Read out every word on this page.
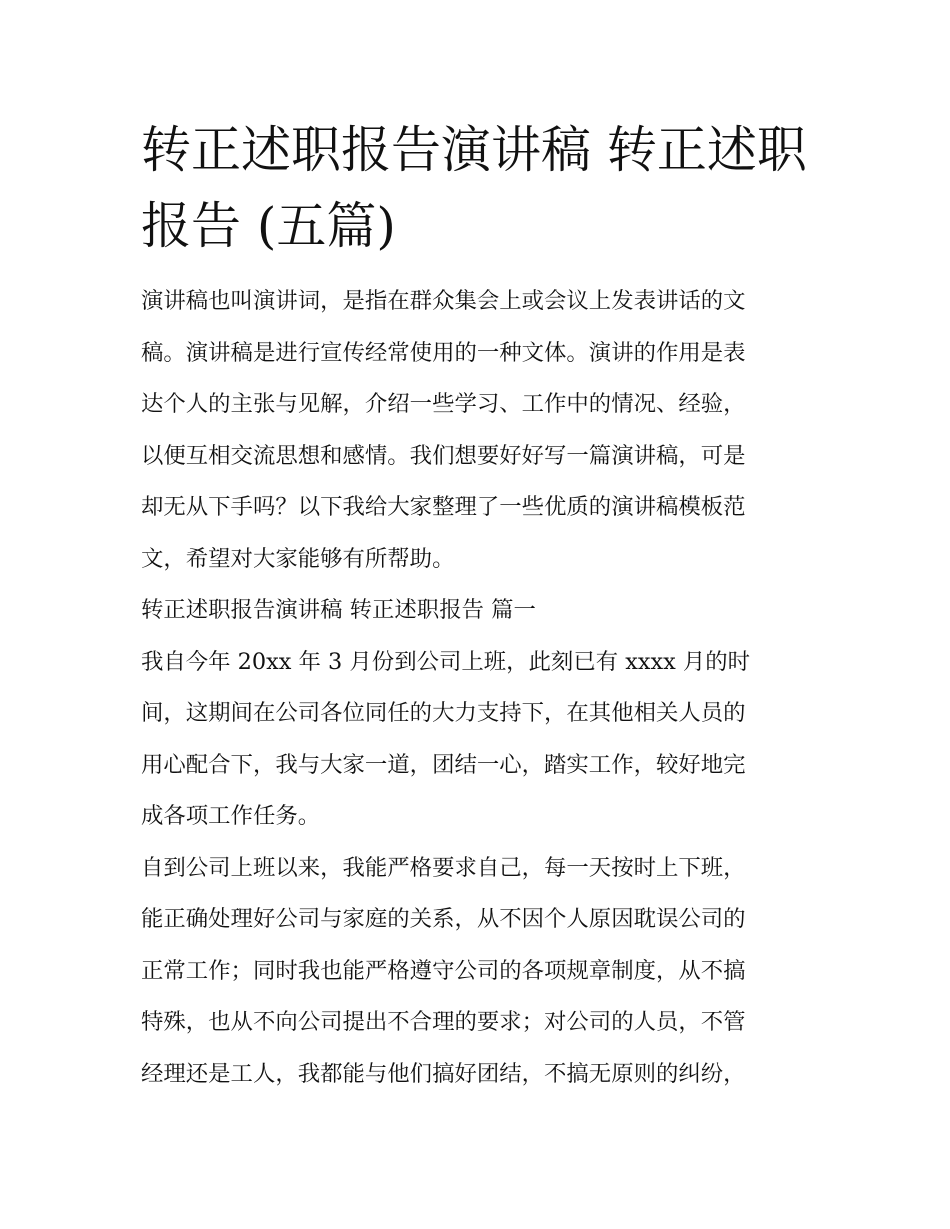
转正述职报告演讲稿 转正述职
报告 (五篇)

演讲稿也叫演讲词，是指在群众集会上或会议上发表讲话的文
稿。演讲稿是进行宣传经常使用的一种文体。演讲的作用是表
达个人的主张与见解，介绍一些学习、工作中的情况、经验，
以便互相交流思想和感情。我们想要好好写一篇演讲稿，可是
却无从下手吗？以下我给大家整理了一些优质的演讲稿模板范
文，希望对大家能够有所帮助。

转正述职报告演讲稿 转正述职报告 篇一

我自今年 20xx 年 3 月份到公司上班，此刻已有 xxxx 月的时
间，这期间在公司各位同任的大力支持下，在其他相关人员的
用心配合下，我与大家一道，团结一心，踏实工作，较好地完
成各项工作任务。

自到公司上班以来，我能严格要求自己，每一天按时上下班，
能正确处理好公司与家庭的关系，从不因个人原因耽误公司的
正常工作；同时我也能严格遵守公司的各项规章制度，从不搞
特殊，也从不向公司提出不合理的要求；对公司的人员，不管
经理还是工人，我都能与他们搞好团结，不搞无原则的纠纷，
